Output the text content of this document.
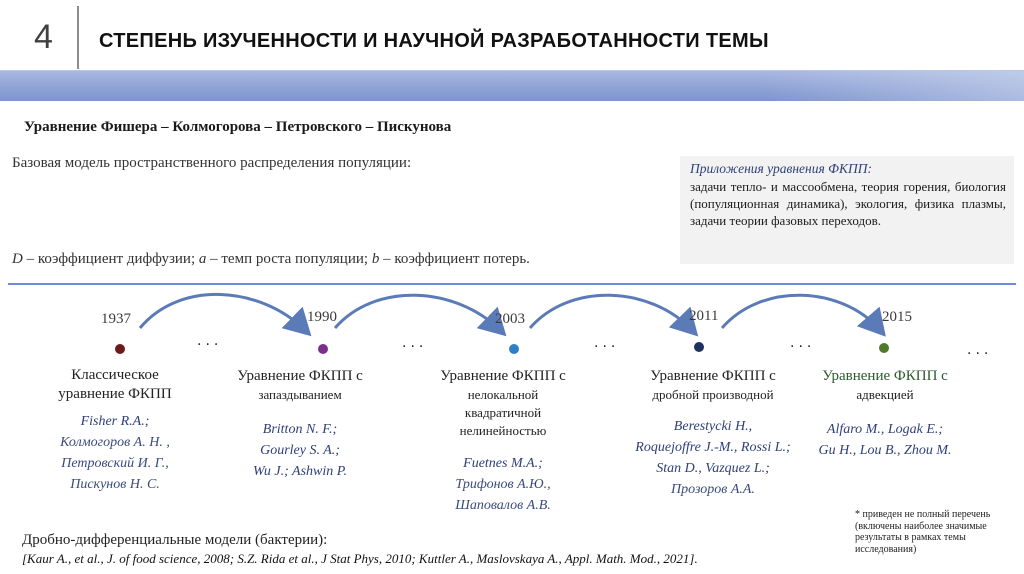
4 СТЕПЕНЬ ИЗУЧЕННОСТИ И НАУЧНОЙ РАЗРАБОТАННОСТИ ТЕМЫ
Уравнение Фишера – Колмогорова – Петровского – Пискунова
Базовая модель пространственного распределения популяции:
D – коэффициент диффузии; a – темп роста популяции; b – коэффициент потерь.
Приложения уравнения ФКПП:
задачи тепло- и массообмена, теория горения, биология (популяционная динамика), экология, физика плазмы, задачи теории фазовых переходов.
1937	1990	2003	2011	2015
...	...	...	...	...
Классическое
уравнение ФКПП
Fisher R.A.;
Колмогоров А. Н. ,
Петровский И. Г.,
Пискунов Н. С.
Уравнение ФКПП с
запаздыванием
Britton N. F.;
Gourley S. A.;
Wu J.; Ashwin P.
Уравнение ФКПП с
нелокальной
квадратичной
нелинейностью
Fuetnes M.A.;
Трифонов А.Ю.,
Шаповалов А.В.
Уравнение ФКПП с
дробной производной
Berestycki H.,
Roquejoffre J.-M., Rossi L.;
Stan D., Vazquez L.;
Прозоров А.А.
Уравнение ФКПП с
адвекцией
Alfaro M., Logak E.;
Gu H., Lou B., Zhou M.
* приведен не полный перечень (включены наиболее значимые результаты в рамках темы исследования)
Дробно-дифференциальные модели (бактерии):
[Kaur A., et al., J. of food science, 2008; S.Z. Rida et al., J Stat Phys, 2010; Kuttler A., Maslovskaya A., Appl. Math. Mod., 2021].
